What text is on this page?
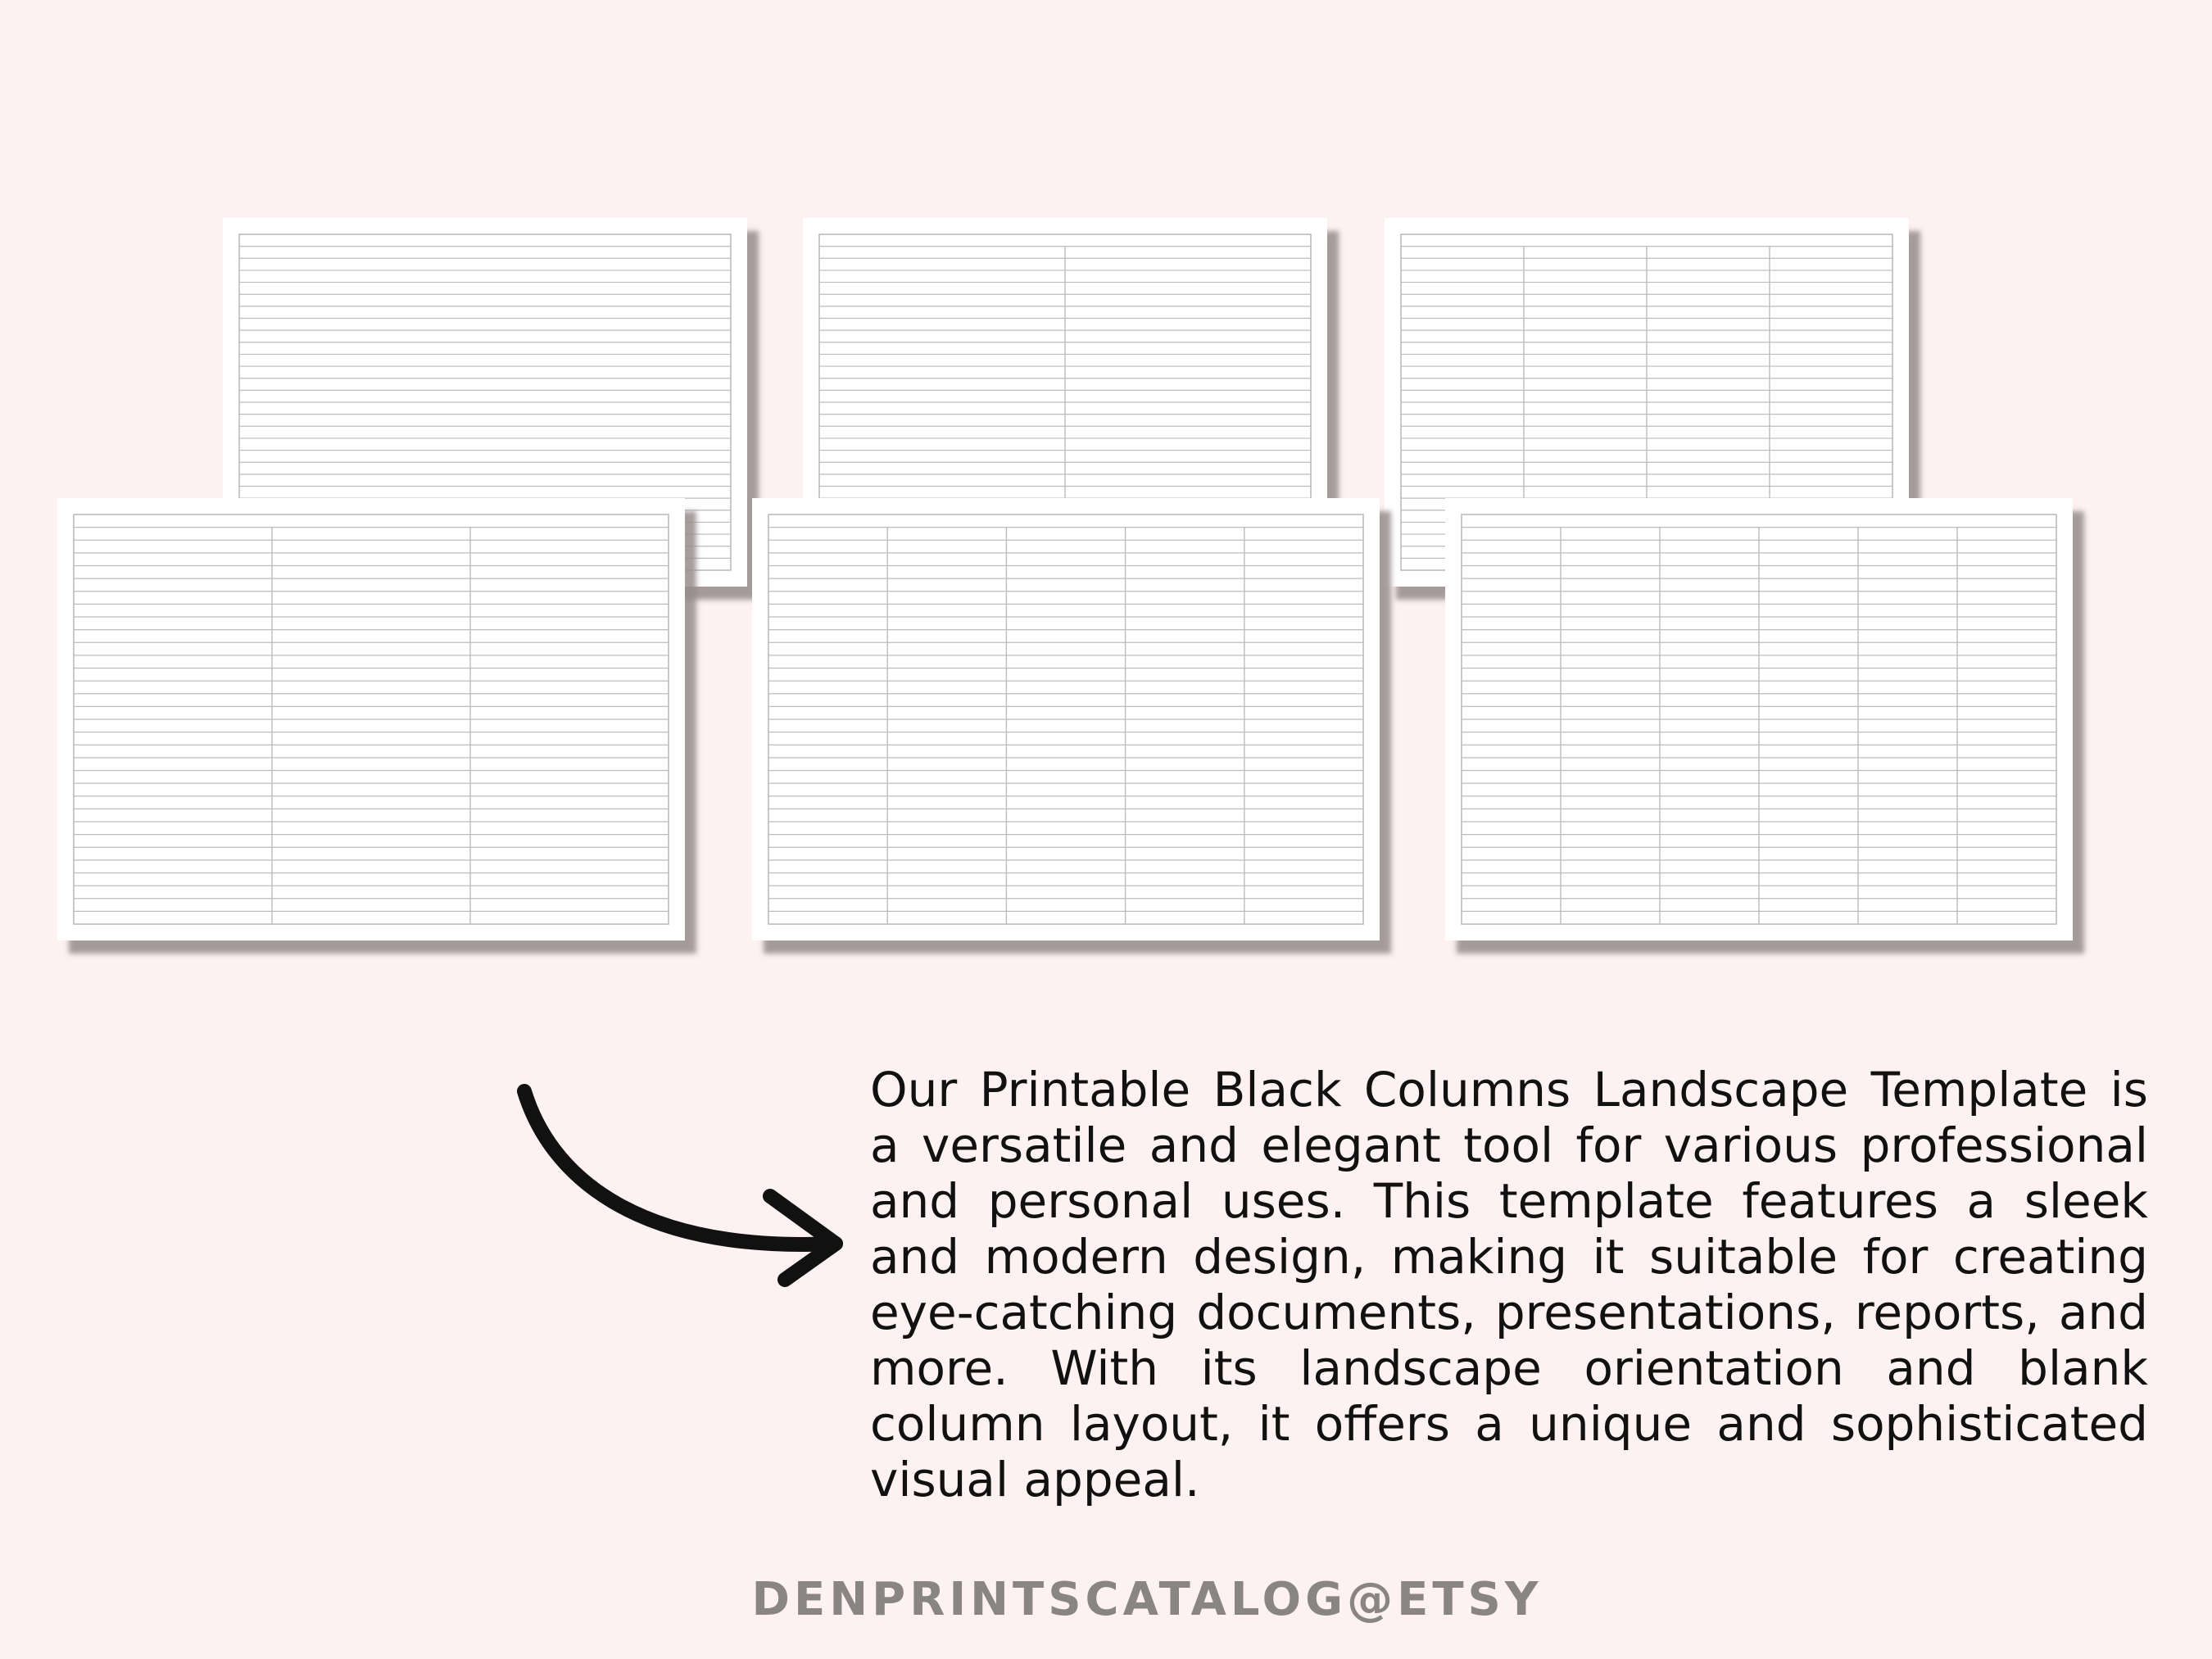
Our Printable Black Columns Landscape Template is a versatile and elegant tool for various professional and personal uses. This template features a sleek and modern design, making it suitable for creating eye-catching documents, presentations, reports, and more. With its landscape orientation and blank column layout, it offers a unique and sophisticated visual appeal.

DENPRINTSCATALOG@ETSY
